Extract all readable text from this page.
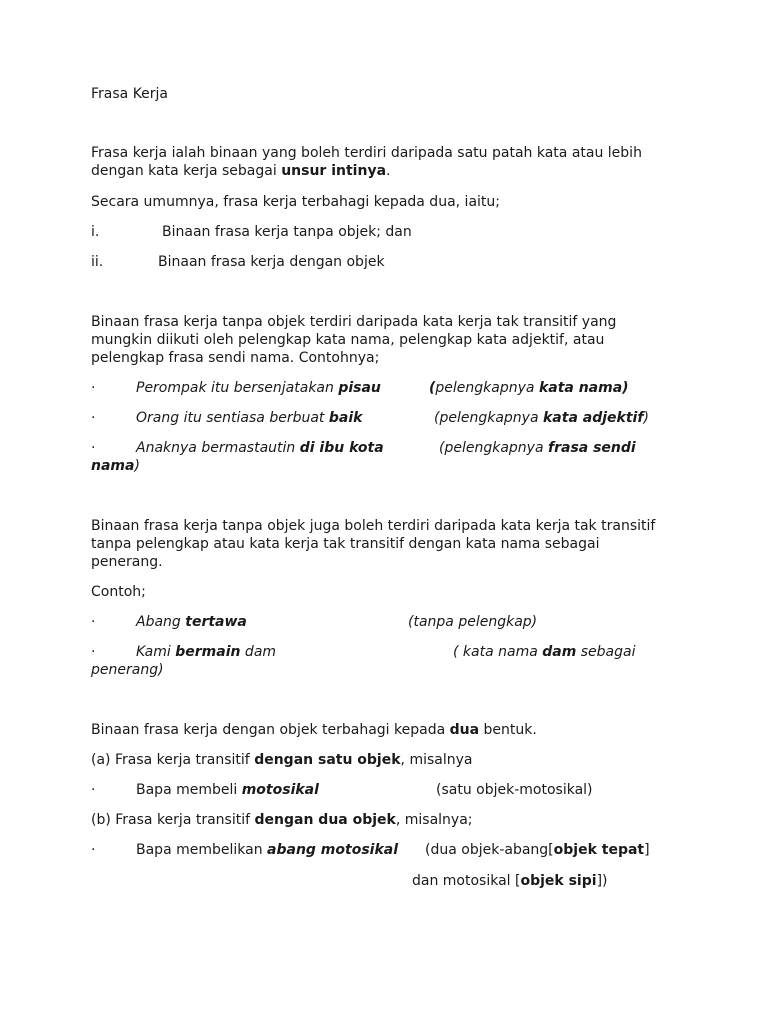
Frasa Kerja
Frasa kerja ialah binaan yang boleh terdiri daripada satu patah kata atau lebih
dengan kata kerja sebagai unsur intinya.
Secara umumnya, frasa kerja terbahagi kepada dua, iaitu;
i.	Binaan frasa kerja tanpa objek; dan
ii.	Binaan frasa kerja dengan objek
Binaan frasa kerja tanpa objek terdiri daripada kata kerja tak transitif yang
mungkin diikuti oleh pelengkap kata nama, pelengkap kata adjektif, atau
pelengkap frasa sendi nama. Contohnya;
·	Perompak itu bersenjatakan pisau	(pelengkapnya kata nama)
·	Orang itu sentiasa berbuat baik	(pelengkapnya kata adjektif)
·	Anaknya bermastautin di ibu kota	(pelengkapnya frasa sendi
nama)
Binaan frasa kerja tanpa objek juga boleh terdiri daripada kata kerja tak transitif
tanpa pelengkap atau kata kerja tak transitif dengan kata nama sebagai
penerang.
Contoh;
·	Abang tertawa	(tanpa pelengkap)
·	Kami bermain dam	( kata nama dam sebagai
penerang)
Binaan frasa kerja dengan objek terbahagi kepada dua bentuk.
(a) Frasa kerja transitif dengan satu objek, misalnya
·	Bapa membeli motosikal	(satu objek-motosikal)
(b) Frasa kerja transitif dengan dua objek, misalnya;
·	Bapa membelikan abang motosikal (dua objek-abang[objek tepat]
dan motosikal [objek sipi])
